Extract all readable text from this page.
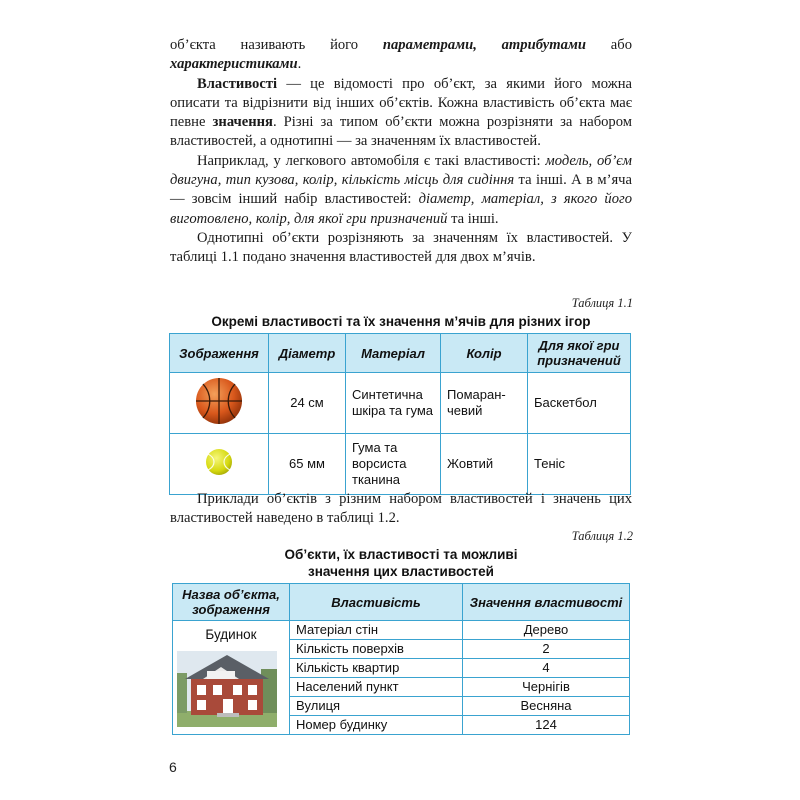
об’єкта називають його параметрами, атрибутами або характеристиками.

Властивості — це відомості про об’єкт, за якими його можна описати та відрізнити від інших об’єктів. Кожна властивість об’єкта має певне значення. Різні за типом об’єкти можна розрізняти за набором властивостей, а однотипні — за значенням їх властивостей.

Наприклад, у легкового автомобіля є такі властивості: модель, об’єм двигуна, тип кузова, колір, кількість місць для сидіння та інші. А в м’яча — зовсім інший набір властивостей: діаметр, матеріал, з якого його виготовлено, колір, для якої гри призначений та інші.

Однотипні об’єкти розрізняють за значенням їх властивостей. У таблиці 1.1 подано значення властивостей для двох м’ячів.

Таблиця 1.1
Окремі властивості та їх значення м’ячів для різних ігор
Зображення	Діаметр	Матеріал	Колір	Для якої гри призначений
	24 см	Синтетична шкіра та гума	Помаранчевий	Баскетбол
	65 мм	Гума та ворсиста тканина	Жовтий	Теніс
Приклади об’єктів з різним набором властивостей і значень цих властивостей наведено в таблиці 1.2.
Таблиця 1.2
Об’єкти, їх властивості та можливі
значення цих властивостей
Назва об’єкта, зображення	Властивість	Значення властивості

Будинок	Матеріал стін	Дерево
	Кількість поверхів	2
	Кількість квартир	4
	Населений пункт	Чернігів
	Вулиця	Весняна
	Номер будинку	124
6
